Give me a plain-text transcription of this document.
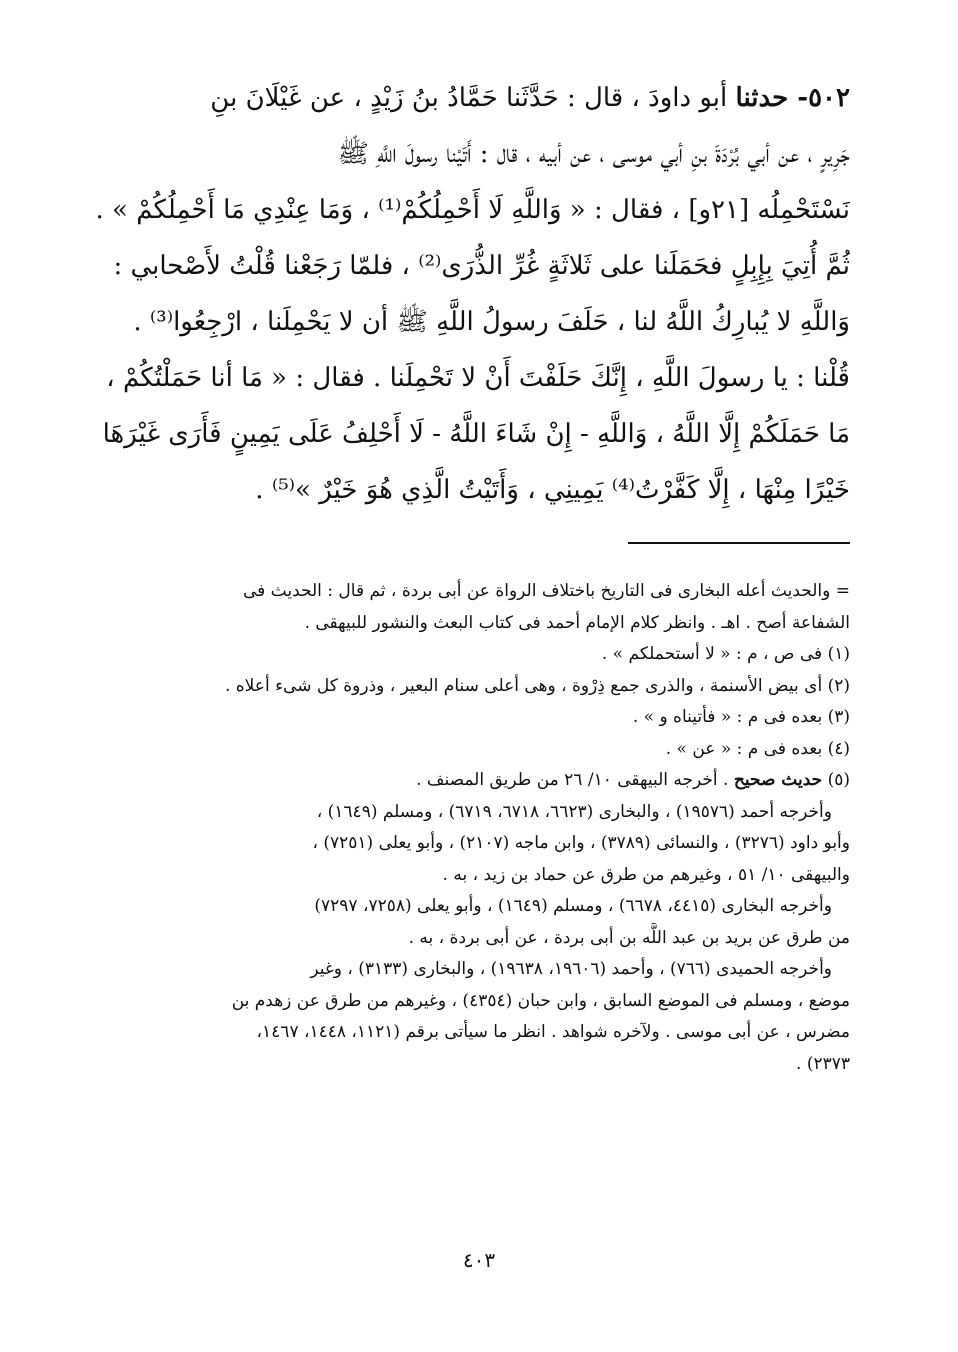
٥٠٢- حدثنا أبو داودَ ، قال : حَدَّثَنا حَمَّادُ بنُ زَيْدٍ ، عن غَيْلَانَ بنِ
جَرِيرٍ ، عن أبي بُرْدَةَ بنِ أبي موسى ، عن أبيه ، قال : أَتَيْنا رسولَ اللَّهِ ﷺ
نَسْتَحْمِلُه [٢١و] ، فقال : « وَاللَّهِ لَا أَحْمِلُكُمْ⁽¹⁾ ، وَمَا عِنْدِي مَا أَحْمِلُكُمْ » .
ثُمَّ أُتِيَ بِإِبِلٍ فحَمَلَنا على ثَلاثَةٍ غُرِّ الذُّرَى⁽²⁾ ، فلمّا رَجَعْنا قُلْتُ لأَصْحابي :
وَاللَّهِ لا يُبارِكُ اللَّهُ لنا ، حَلَفَ رسولُ اللَّهِ ﷺ أن لا يَحْمِلَنا ، ارْجِعُوا⁽³⁾ .
قُلْنا : يا رسولَ اللَّهِ ، إِنَّكَ حَلَفْتَ أَنْ لا تَحْمِلَنا . فقال : « مَا أنا حَمَلْتُكُمْ ،
مَا حَمَلَكُمْ إِلَّا اللَّهُ ، وَاللَّهِ - إِنْ شَاءَ اللَّهُ - لَا أَحْلِفُ عَلَى يَمِينٍ فَأَرَى غَيْرَهَا
خَيْرًا مِنْهَا ، إِلَّا كَفَّرْتُ⁽⁴⁾ يَمِينِي ، وَأَتَيْتُ الَّذِي هُوَ خَيْرٌ »⁽⁵⁾ .
= والحديث أعله البخارى فى التاريخ باختلاف الرواة عن أبى بردة ، ثم قال : الحديث فى
الشفاعة أصح . اهـ . وانظر كلام الإمام أحمد فى كتاب البعث والنشور للبيهقى .
(١) فى ص ، م : « لا أستحملكم » .
(٢) أى بيض الأسنمة ، والذرى جمع ذِرْوة ، وهى أعلى سنام البعير ، وذروة كل شىء أعلاه .
(٣) بعده فى م : « فأتيناه و » .
(٤) بعده فى م : « عن » .
(٥) حديث صحيح . أخرجه البيهقى ١٠/ ٢٦ من طريق المصنف .
وأخرجه أحمد (١٩٥٧٦) ، والبخارى (٦٦٢٣، ٦٧١٨، ٦٧١٩) ، ومسلم (١٦٤٩) ،
وأبو داود (٣٢٧٦) ، والنسائى (٣٧٨٩) ، وابن ماجه (٢١٠٧) ، وأبو يعلى (٧٢٥١) ،
والبيهقى ١٠/ ٥١ ، وغيرهم من طرق عن حماد بن زيد ، به .
وأخرجه البخارى (٤٤١٥، ٦٦٧٨) ، ومسلم (١٦٤٩) ، وأبو يعلى (٧٢٥٨، ٧٢٩٧)
من طرق عن بريد بن عبد اللَّه بن أبى بردة ، عن أبى بردة ، به .
وأخرجه الحميدى (٧٦٦) ، وأحمد (١٩٦٠٦، ١٩٦٣٨) ، والبخارى (٣١٣٣) ، وغير
موضع ، ومسلم فى الموضع السابق ، وابن حبان (٤٣٥٤) ، وغيرهم من طرق عن زهدم بن
مضرس ، عن أبى موسى . ولآخره شواهد . انظر ما سيأتى برقم (١١٢١، ١٤٤٨، ١٤٦٧،
٢٣٧٣) .
٤٠٣
